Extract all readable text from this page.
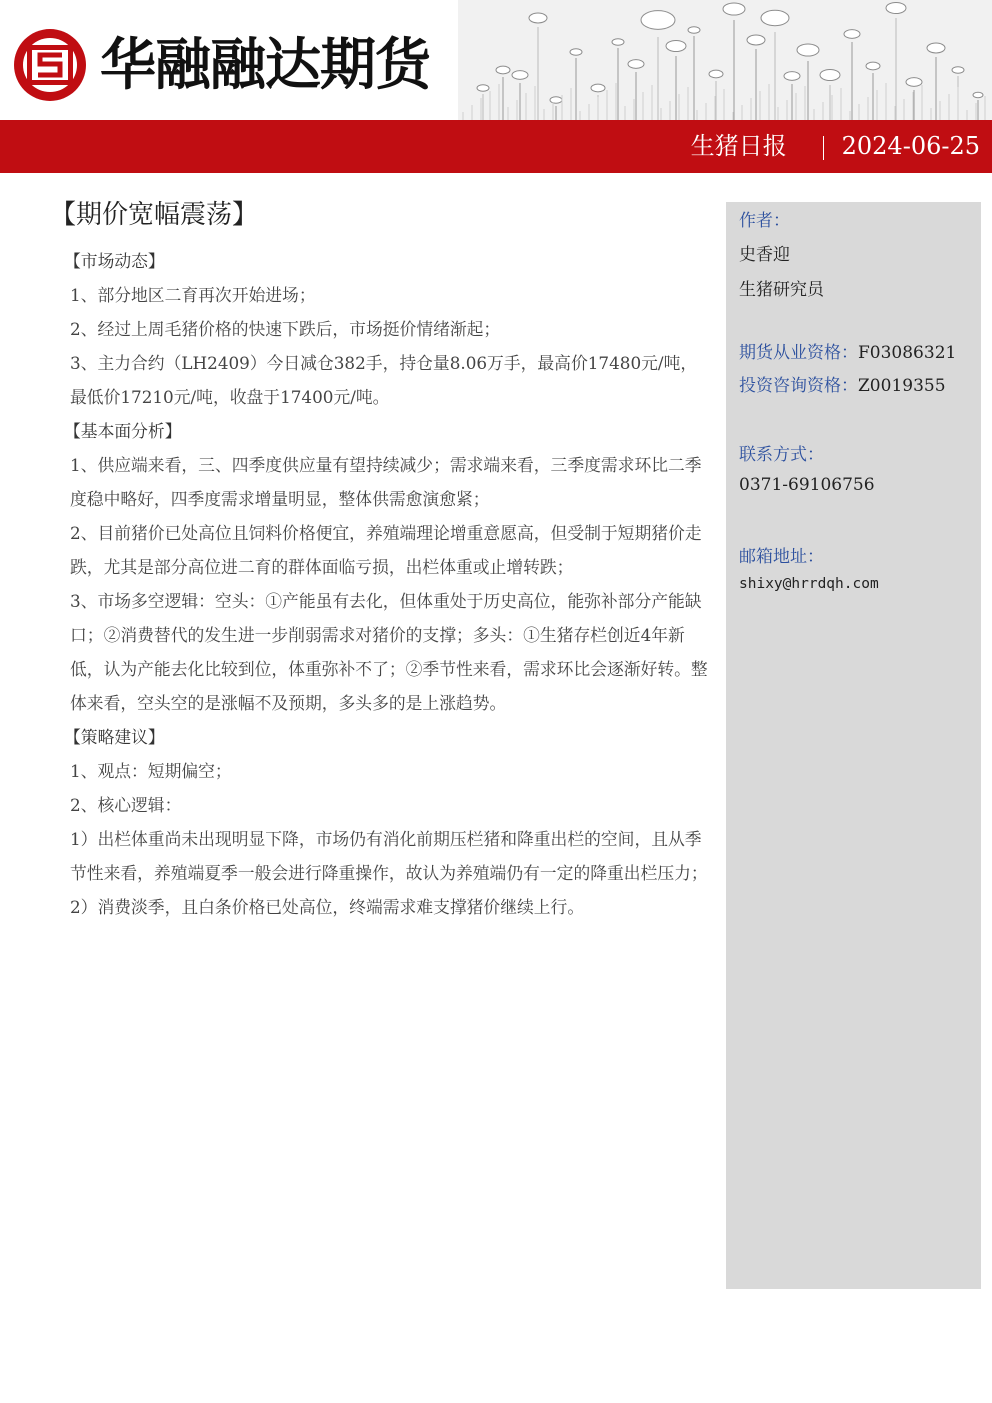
华融融达期货
生猪日报 2024-06-25
【期价宽幅震荡】

【市场动态】

1、部分地区二育再次开始进场；

2、经过上周毛猪价格的快速下跌后，市场挺价情绪渐起；

3、主力合约（LH2409）今日减仓382手，持仓量8.06万手，最高价17480元/吨，最低价17210元/吨，收盘于17400元/吨。

【基本面分析】

1、供应端来看，三、四季度供应量有望持续减少；需求端来看，三季度需求环比二季度稳中略好，四季度需求增量明显，整体供需愈演愈紧；

2、目前猪价已处高位且饲料价格便宜，养殖端理论增重意愿高，但受制于短期猪价走跌，尤其是部分高位进二育的群体面临亏损，出栏体重或止增转跌；

3、市场多空逻辑：空头：①产能虽有去化，但体重处于历史高位，能弥补部分产能缺口；②消费替代的发生进一步削弱需求对猪价的支撑；多头：①生猪存栏创近4年新低，认为产能去化比较到位，体重弥补不了；②季节性来看，需求环比会逐渐好转。整体来看，空头空的是涨幅不及预期，多头多的是上涨趋势。

【策略建议】

1、观点：短期偏空；

2、核心逻辑：

1）出栏体重尚未出现明显下降，市场仍有消化前期压栏猪和降重出栏的空间，且从季节性来看，养殖端夏季一般会进行降重操作，故认为养殖端仍有一定的降重出栏压力；

2）消费淡季，且白条价格已处高位，终端需求难支撑猪价继续上行。

作者：
史香迎
生猪研究员
期货从业资格：F03086321
投资咨询资格：Z0019355
联系方式：
0371-69106756
邮箱地址：
shixy@hrrdqh.com
